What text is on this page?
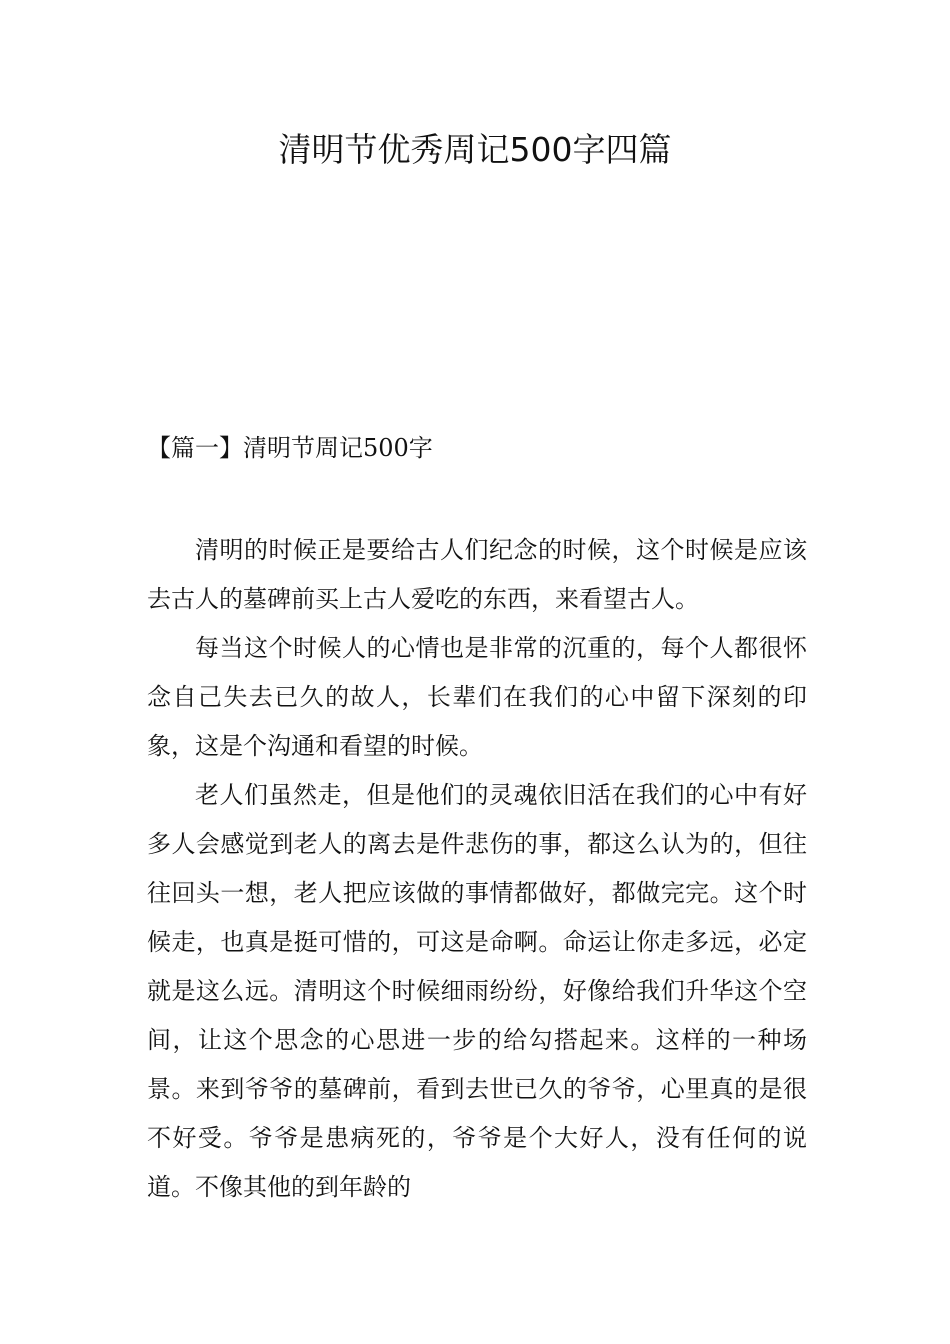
清明节优秀周记500字四篇
【篇一】清明节周记500字

清明的时候正是要给古人们纪念的时候，这个时候是应该去古人的墓碑前买上古人爱吃的东西，来看望古人。

每当这个时候人的心情也是非常的沉重的，每个人都很怀念自己失去已久的故人，长辈们在我们的心中留下深刻的印象，这是个沟通和看望的时候。

老人们虽然走，但是他们的灵魂依旧活在我们的心中有好多人会感觉到老人的离去是件悲伤的事，都这么认为的，但往往回头一想，老人把应该做的事情都做好，都做完完。这个时候走，也真是挺可惜的，可这是命啊。命运让你走多远，必定就是这么远。清明这个时候细雨纷纷，好像给我们升华这个空间，让这个思念的心思进一步的给勾搭起来。这样的一种场景。来到爷爷的墓碑前，看到去世已久的爷爷，心里真的是很不好受。爷爷是患病死的，爷爷是个大好人，没有任何的说道。不像其他的到年龄的
